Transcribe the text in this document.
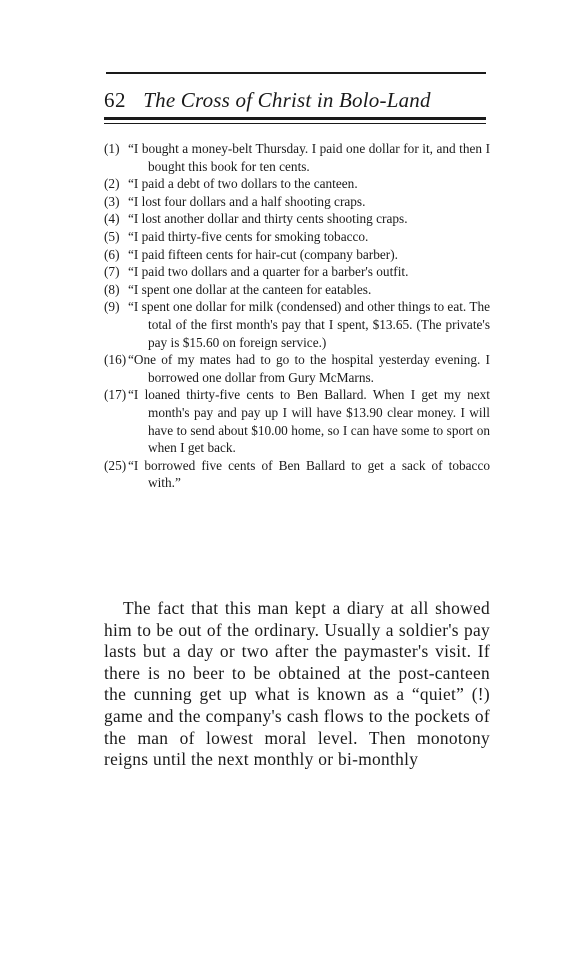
62 The Cross of Christ in Bolo-Land
(1) “I bought a money-belt Thursday. I paid one dollar for it, and then I bought this book for ten cents.
(2) “I paid a debt of two dollars to the canteen.
(3) “I lost four dollars and a half shooting craps.
(4) “I lost another dollar and thirty cents shooting craps.
(5) “I paid thirty-five cents for smoking tobacco.
(6) “I paid fifteen cents for hair-cut (company barber).
(7) “I paid two dollars and a quarter for a barber's outfit.
(8) “I spent one dollar at the canteen for eatables.
(9) “I spent one dollar for milk (condensed) and other things to eat. The total of the first month's pay that I spent, $13.65. (The private's pay is $15.60 on foreign service.)
(16) “One of my mates had to go to the hospital yesterday evening. I borrowed one dollar from Gury McMarns.
(17) “I loaned thirty-five cents to Ben Ballard. When I get my next month's pay and pay up I will have $13.90 clear money. I will have to send about $10.00 home, so I can have some to sport on when I get back.
(25) “I borrowed five cents of Ben Ballard to get a sack of tobacco with.”

The fact that this man kept a diary at all showed him to be out of the ordinary. Usually a soldier's pay lasts but a day or two after the paymaster's visit. If there is no beer to be obtained at the post-canteen the cunning get up what is known as a “quiet” (!) game and the company's cash flows to the pockets of the man of lowest moral level. Then monotony reigns until the next monthly or bi-monthly
